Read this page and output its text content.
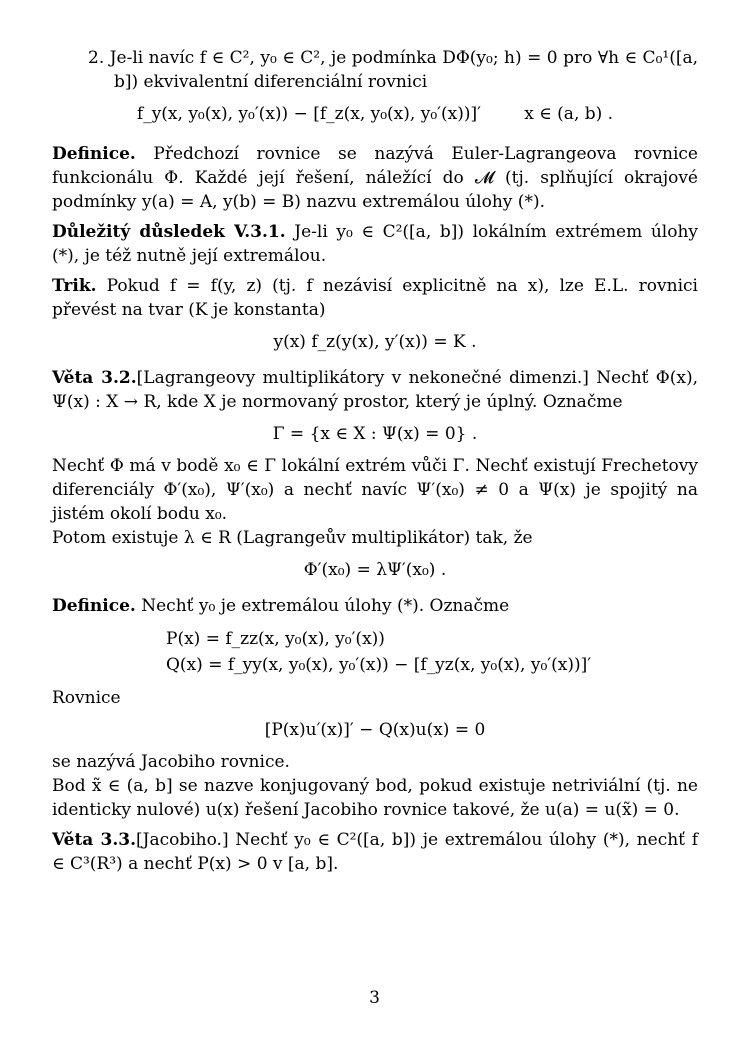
2. Je-li navíc f ∈ C², y₀ ∈ C², je podmínka DΦ(y₀; h) = 0 pro ∀h ∈ C₀¹([a, b]) ekvivalentní diferenciální rovnici

f_y(x, y₀(x), y₀′(x)) − [f_z(x, y₀(x), y₀′(x))]′        x ∈ (a, b) .

Definice. Předchozí rovnice se nazývá Euler-Lagrangeova rovnice funkcionálu Φ. Každé její řešení, náležící do 𝓜 (tj. splňující okrajové podmínky y(a) = A, y(b) = B) nazvu extremálou úlohy (*).

Důležitý důsledek V.3.1. Je-li y₀ ∈ C²([a, b]) lokálním extrémem úlohy (*), je též nutně její extremálou.

Trik. Pokud f = f(y, z) (tj. f nezávisí explicitně na x), lze E.L. rovnici převést na tvar (K je konstanta)

y(x) f_z(y(x), y′(x)) = K .

Věta 3.2.[Lagrangeovy multiplikátory v nekonečné dimenzi.] Nechť Φ(x), Ψ(x) : X → R, kde X je normovaný prostor, který je úplný. Označme

Γ = {x ∈ X : Ψ(x) = 0} .

Nechť Φ má v bodě x₀ ∈ Γ lokální extrém vůči Γ. Nechť existují Frechetovy diferenciály Φ′(x₀), Ψ′(x₀) a nechť navíc Ψ′(x₀) ≠ 0 a Ψ(x) je spojitý na jistém okolí bodu x₀.

Potom existuje λ ∈ R (Lagrangeův multiplikátor) tak, že

Φ′(x₀) = λΨ′(x₀) .

Definice. Nechť y₀ je extremálou úlohy (*). Označme

P(x) = f_zz(x, y₀(x), y₀′(x))
Q(x) = f_yy(x, y₀(x), y₀′(x)) − [f_yz(x, y₀(x), y₀′(x))]′

Rovnice

[P(x)u′(x)]′ − Q(x)u(x) = 0

se nazývá Jacobiho rovnice.

Bod x̃ ∈ (a, b] se nazve konjugovaný bod, pokud existuje netriviální (tj. ne identicky nulové) u(x) řešení Jacobiho rovnice takové, že u(a) = u(x̃) = 0.

Věta 3.3.[Jacobiho.] Nechť y₀ ∈ C²([a, b]) je extremálou úlohy (*), nechť f ∈ C³(R³) a nechť P(x) > 0 v [a, b].

3
